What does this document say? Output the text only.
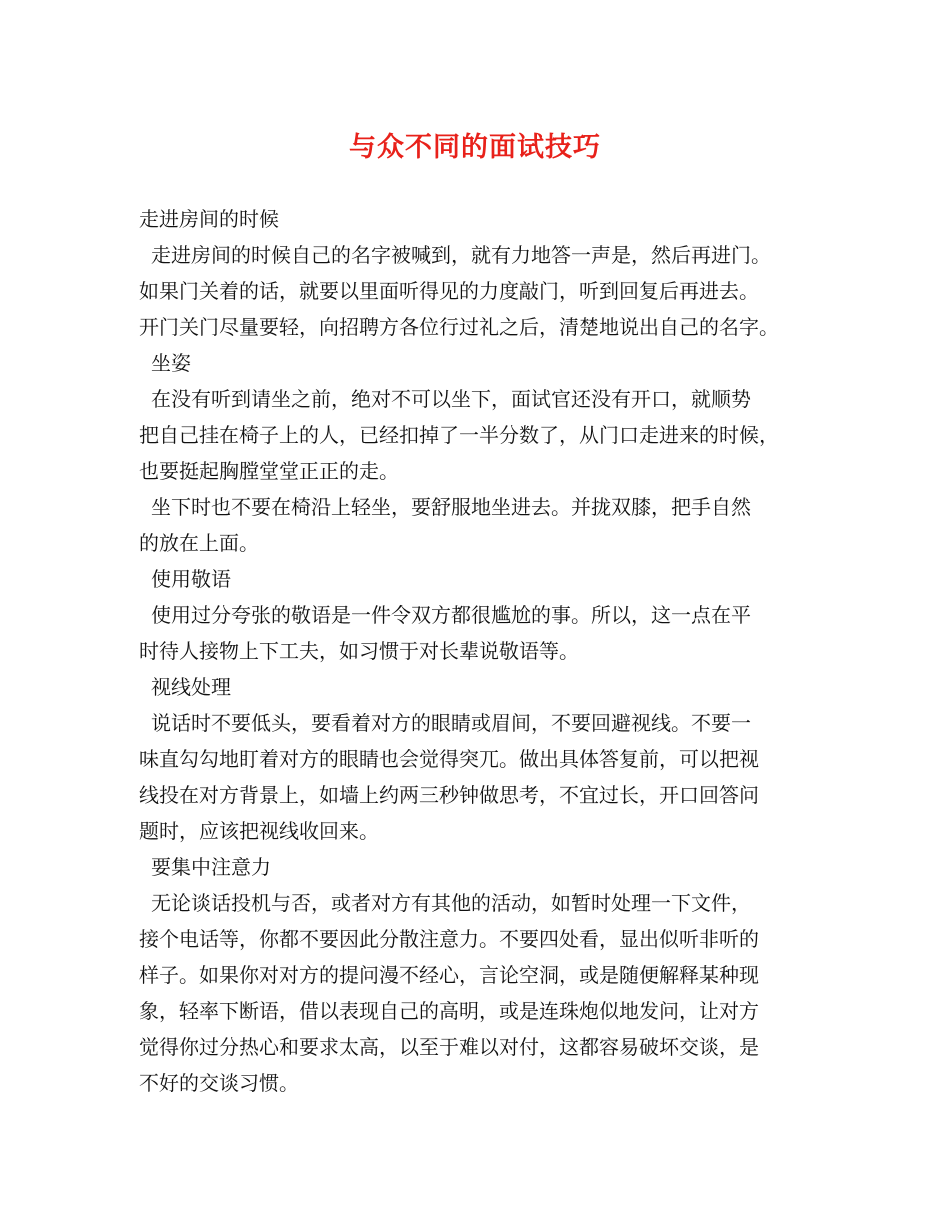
与众不同的面试技巧
走进房间的时候
走进房间的时候自己的名字被喊到，就有力地答一声是，然后再进门。
如果门关着的话，就要以里面听得见的力度敲门，听到回复后再进去。
开门关门尽量要轻，向招聘方各位行过礼之后，清楚地说出自己的名字。
坐姿
在没有听到请坐之前，绝对不可以坐下，面试官还没有开口，就顺势
把自己挂在椅子上的人，已经扣掉了一半分数了，从门口走进来的时候，
也要挺起胸膛堂堂正正的走。
坐下时也不要在椅沿上轻坐，要舒服地坐进去。并拢双膝，把手自然
的放在上面。
使用敬语
使用过分夸张的敬语是一件令双方都很尴尬的事。所以，这一点在平
时待人接物上下工夫，如习惯于对长辈说敬语等。
视线处理
说话时不要低头，要看着对方的眼睛或眉间，不要回避视线。不要一
味直勾勾地盯着对方的眼睛也会觉得突兀。做出具体答复前，可以把视
线投在对方背景上，如墙上约两三秒钟做思考，不宜过长，开口回答问
题时，应该把视线收回来。
要集中注意力
无论谈话投机与否，或者对方有其他的活动，如暂时处理一下文件，
接个电话等，你都不要因此分散注意力。不要四处看，显出似听非听的
样子。如果你对对方的提问漫不经心，言论空洞，或是随便解释某种现
象，轻率下断语，借以表现自己的高明，或是连珠炮似地发问，让对方
觉得你过分热心和要求太高，以至于难以对付，这都容易破坏交谈，是
不好的交谈习惯。
